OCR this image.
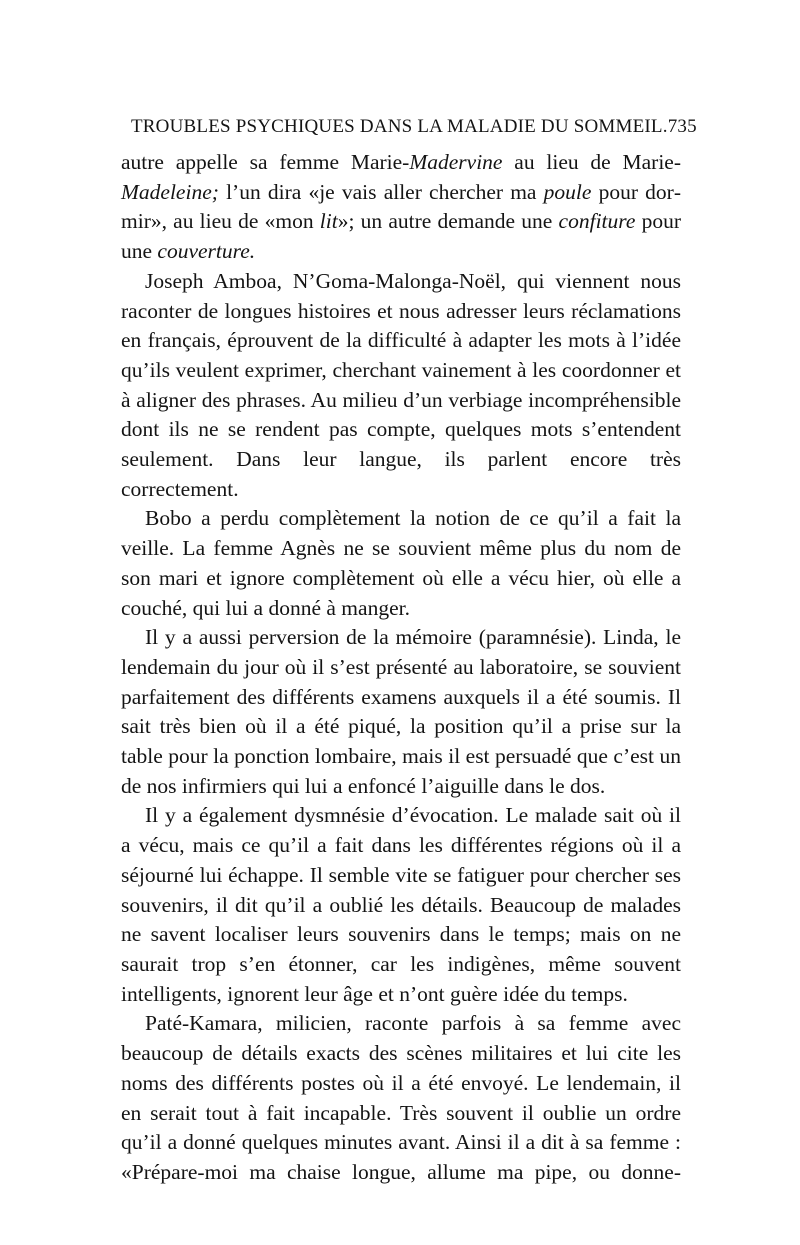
TROUBLES PSYCHIQUES DANS LA MALADIE DU SOMMEIL. 735

autre appelle sa femme Marie-Madervine au lieu de Marie-Madeleine; l’un dira «je vais aller chercher ma poule pour dormir», au lieu de «mon lit»; un autre demande une confiture pour une couverture.

Joseph Amboa, N’Goma-Malonga-Noël, qui viennent nous raconter de longues histoires et nous adresser leurs réclamations en français, éprouvent de la difficulté à adapter les mots à l’idée qu’ils veulent exprimer, cherchant vainement à les coordonner et à aligner des phrases. Au milieu d’un verbiage incompréhensible dont ils ne se rendent pas compte, quelques mots s’entendent seulement. Dans leur langue, ils parlent encore très correctement.

Bobo a perdu complètement la notion de ce qu’il a fait la veille. La femme Agnès ne se souvient même plus du nom de son mari et ignore complètement où elle a vécu hier, où elle a couché, qui lui a donné à manger.

Il y a aussi perversion de la mémoire (paramnésie). Linda, le lendemain du jour où il s’est présenté au laboratoire, se souvient parfaitement des différents examens auxquels il a été soumis. Il sait très bien où il a été piqué, la position qu’il a prise sur la table pour la ponction lombaire, mais il est persuadé que c’est un de nos infirmiers qui lui a enfoncé l’aiguille dans le dos.

Il y a également dysmnésie d’évocation. Le malade sait où il a vécu, mais ce qu’il a fait dans les différentes régions où il a séjourné lui échappe. Il semble vite se fatiguer pour chercher ses souvenirs, il dit qu’il a oublié les détails. Beaucoup de malades ne savent localiser leurs souvenirs dans le temps; mais on ne saurait trop s’en étonner, car les indigènes, même souvent intelligents, ignorent leur âge et n’ont guère idée du temps.

Paté-Kamara, milicien, raconte parfois à sa femme avec beaucoup de détails exacts des scènes militaires et lui cite les noms des différents postes où il a été envoyé. Le lendemain, il en serait tout à fait incapable. Très souvent il oublie un ordre qu’il a donné quelques minutes avant. Ainsi il a dit à sa femme : «Prépare-moi ma chaise longue, allume ma pipe, ou donne-
